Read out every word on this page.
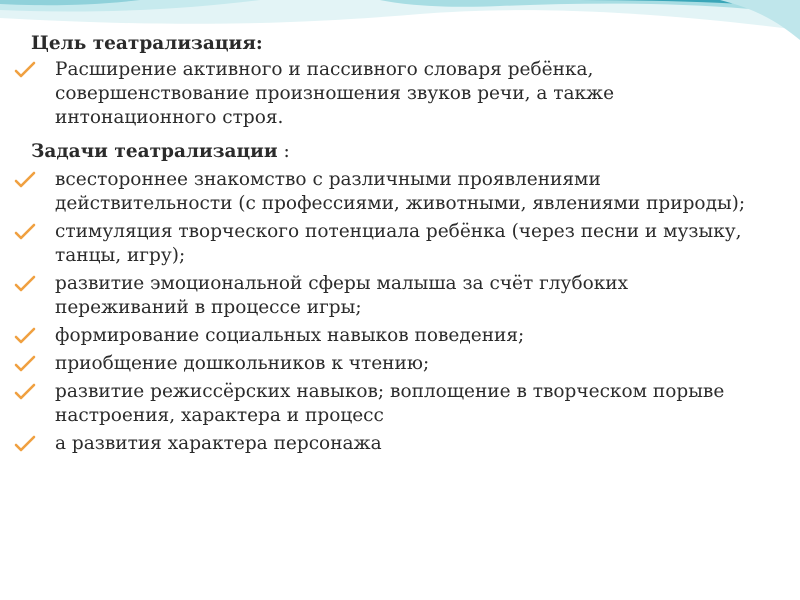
Цель театрализация:

Расширение активного и пассивного словаря ребёнка, совершенствование произношения звуков речи, а также интонационного строя.

Задачи театрализации :

всестороннее знакомство с различными проявлениями действительности (с профессиями, животными, явлениями природы);
стимуляция творческого потенциала ребёнка (через песни и музыку, танцы, игру);
развитие эмоциональной сферы малыша за счёт глубоких переживаний в процессе игры;
формирование социальных навыков поведения;
приобщение дошкольников к чтению;
развитие режиссёрских навыков; воплощение в творческом порыве настроения, характера и процесс
а развития характера персонажа
